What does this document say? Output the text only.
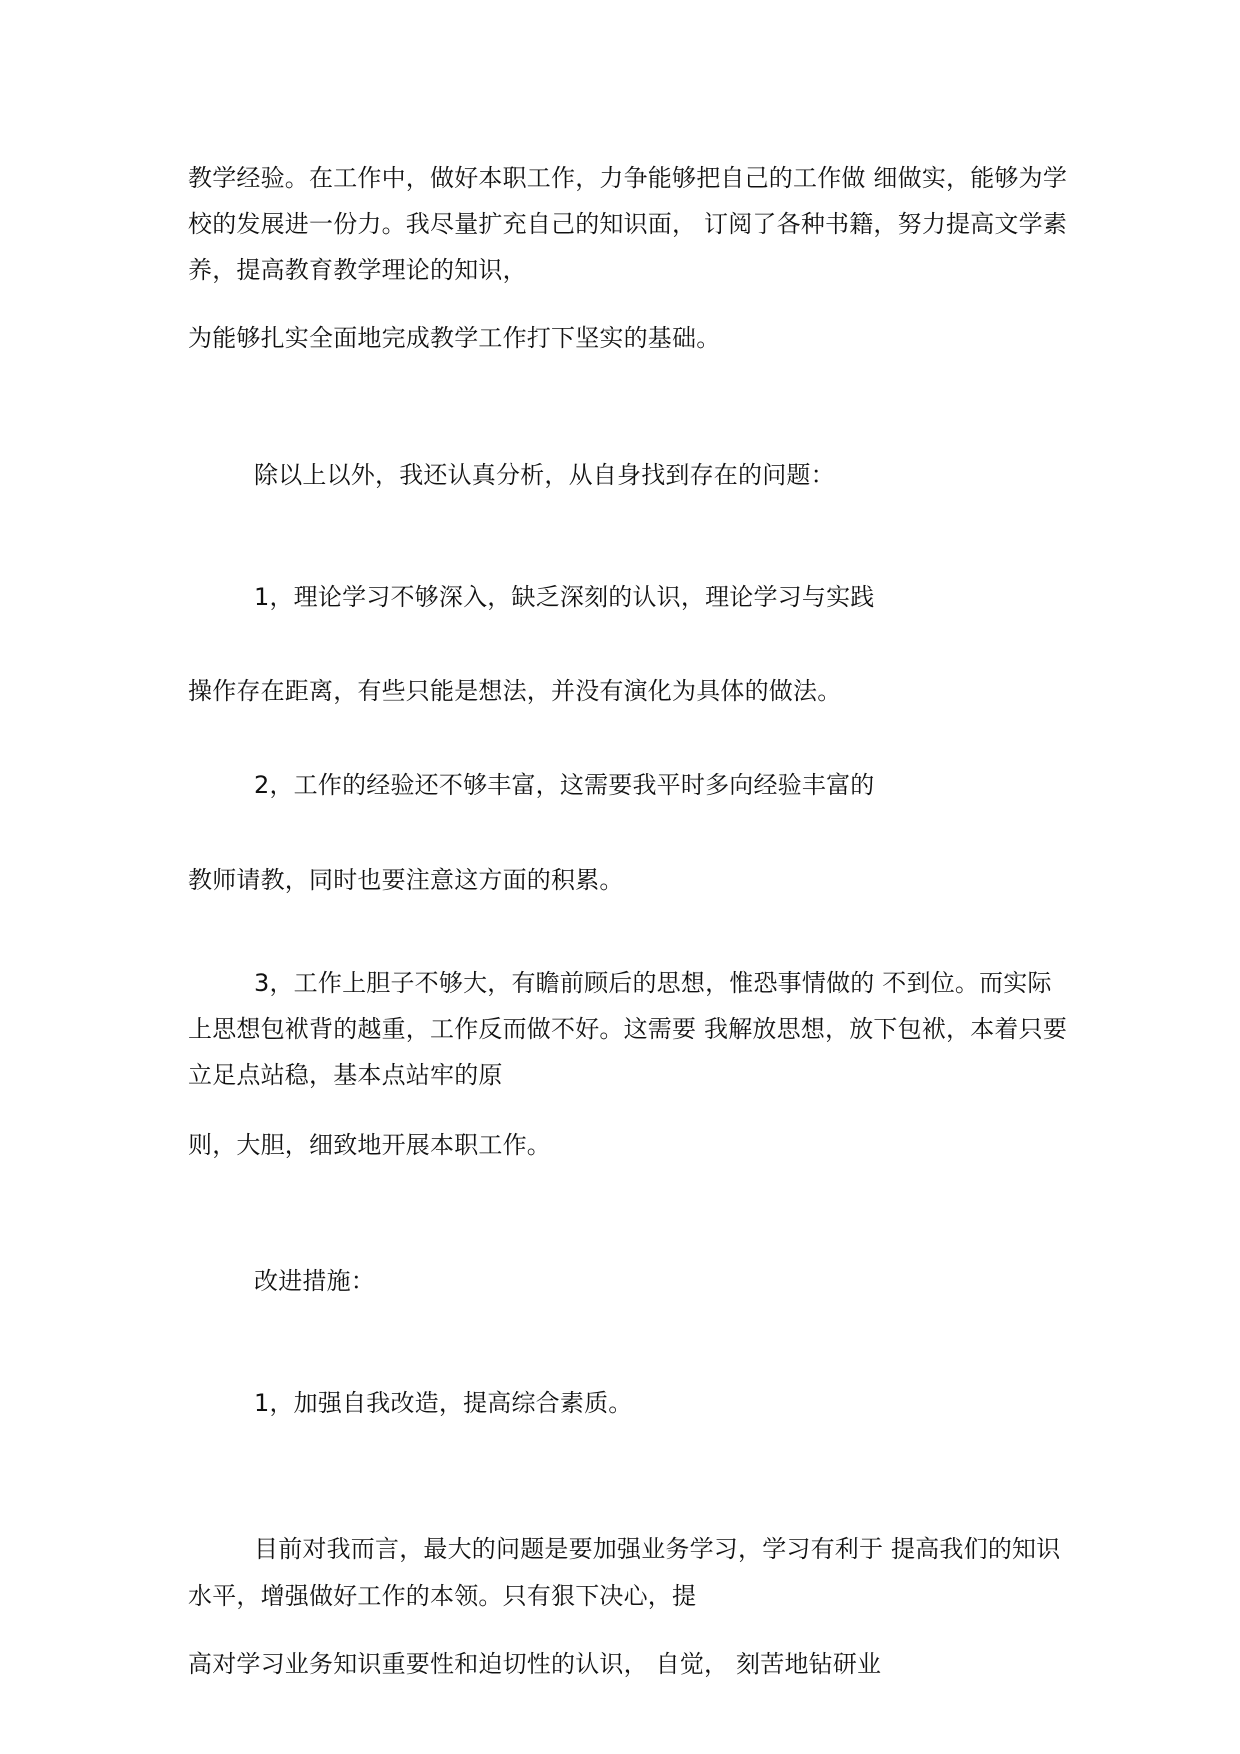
教学经验。在工作中，做好本职工作，力争能够把自己的工作做 细做实，能够为学
校的发展进一份力。我尽量扩充自己的知识面， 订阅了各种书籍，努力提高文学素
养，提高教育教学理论的知识，
为能够扎实全面地完成教学工作打下坚实的基础。
除以上以外，我还认真分析，从自身找到存在的问题：
1，理论学习不够深入，缺乏深刻的认识，理论学习与实践
操作存在距离，有些只能是想法，并没有演化为具体的做法。
2，工作的经验还不够丰富，这需要我平时多向经验丰富的
教师请教，同时也要注意这方面的积累。
3，工作上胆子不够大，有瞻前顾后的思想，惟恐事情做的 不到位。而实际
上思想包袱背的越重，工作反而做不好。这需要 我解放思想，放下包袱，本着只要
立足点站稳，基本点站牢的原
则，大胆，细致地开展本职工作。
改进措施：
1，加强自我改造，提高综合素质。
目前对我而言，最大的问题是要加强业务学习，学习有利于 提高我们的知识
水平，增强做好工作的本领。只有狠下决心，提
高对学习业务知识重要性和迫切性的认识， 自觉， 刻苦地钻研业
